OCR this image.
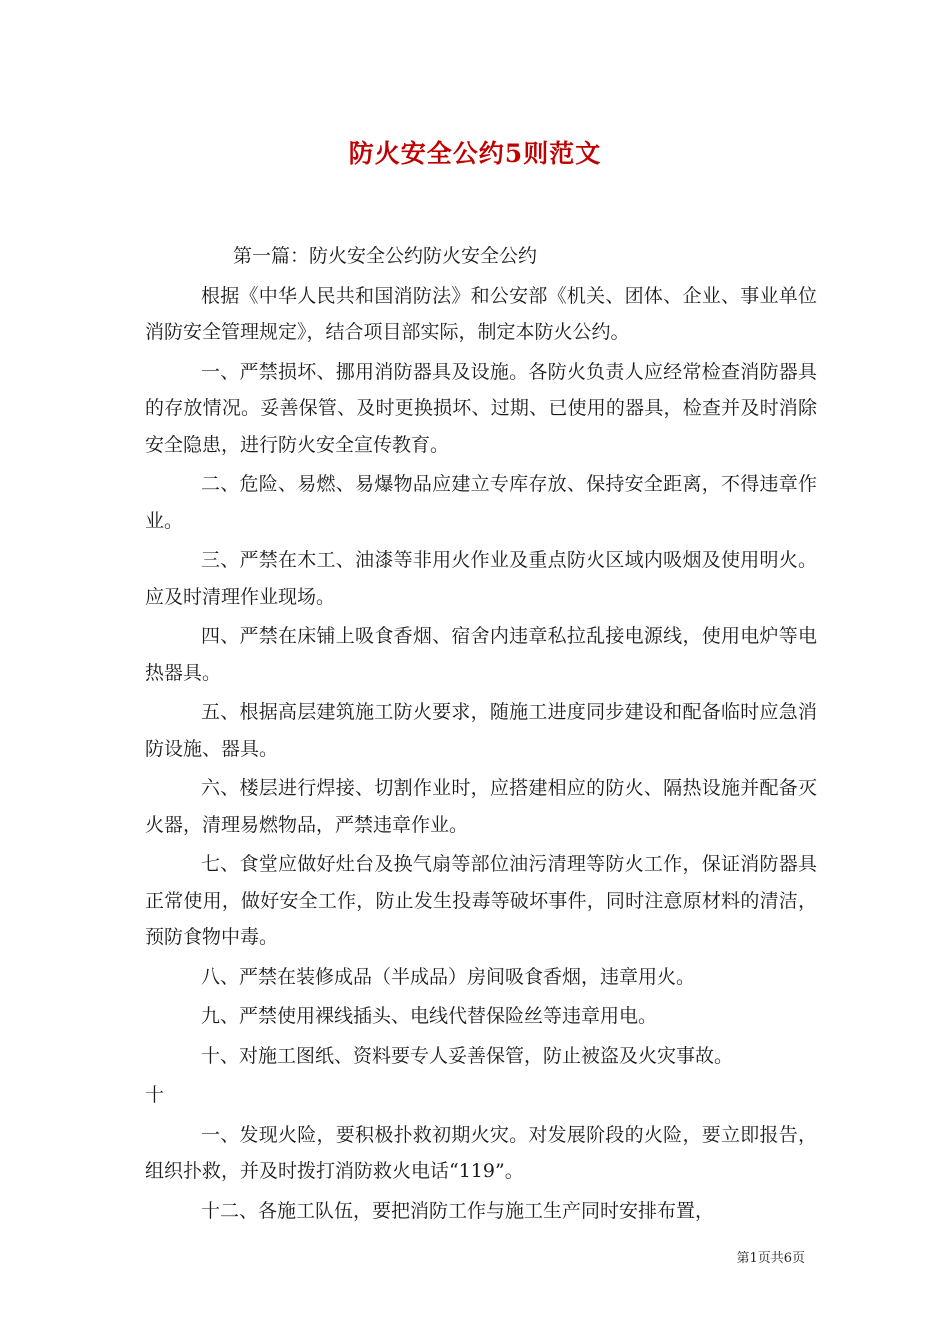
防火安全公约5则范文

第一篇：防火安全公约防火安全公约

根据《中华人民共和国消防法》和公安部《机关、团体、企业、事业单位消防安全管理规定》，结合项目部实际，制定本防火公约。

一、严禁损坏、挪用消防器具及设施。各防火负责人应经常检查消防器具的存放情况。妥善保管、及时更换损坏、过期、已使用的器具，检查并及时消除安全隐患，进行防火安全宣传教育。

二、危险、易燃、易爆物品应建立专库存放、保持安全距离，不得违章作业。

三、严禁在木工、油漆等非用火作业及重点防火区域内吸烟及使用明火。应及时清理作业现场。

四、严禁在床铺上吸食香烟、宿舍内违章私拉乱接电源线，使用电炉等电热器具。

五、根据高层建筑施工防火要求，随施工进度同步建设和配备临时应急消防设施、器具。

六、楼层进行焊接、切割作业时，应搭建相应的防火、隔热设施并配备灭火器，清理易燃物品，严禁违章作业。

七、食堂应做好灶台及换气扇等部位油污清理等防火工作，保证消防器具正常使用，做好安全工作，防止发生投毒等破坏事件，同时注意原材料的清洁，预防食物中毒。

八、严禁在装修成品（半成品）房间吸食香烟，违章用火。

九、严禁使用裸线插头、电线代替保险丝等违章用电。

十、对施工图纸、资料要专人妥善保管，防止被盗及火灾事故。

十

一、发现火险，要积极扑救初期火灾。对发展阶段的火险，要立即报告，组织扑救，并及时拨打消防救火电话“119”。

十二、各施工队伍，要把消防工作与施工生产同时安排布置，

第1页共6页
